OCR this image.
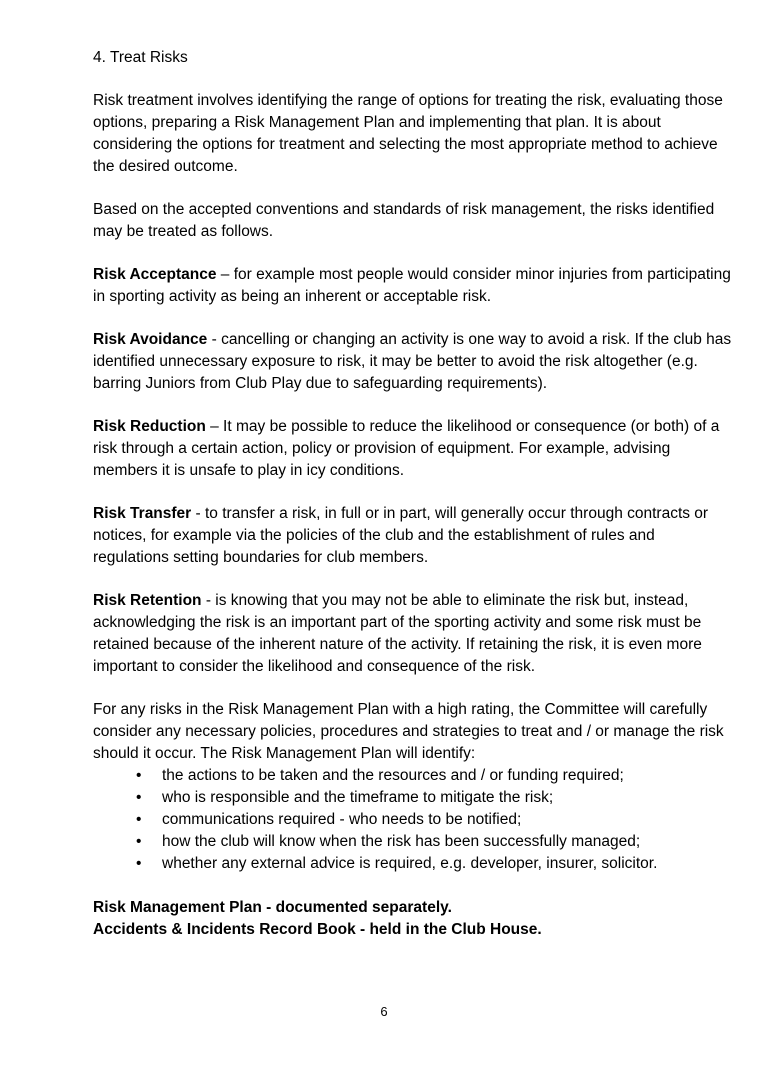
4. Treat Risks

Risk treatment involves identifying the range of options for treating the risk, evaluating those options, preparing a Risk Management Plan and implementing that plan. It is about considering the options for treatment and selecting the most appropriate method to achieve the desired outcome.

Based on the accepted conventions and standards of risk management, the risks identified may be treated as follows.

Risk Acceptance – for example most people would consider minor injuries from participating in sporting activity as being an inherent or acceptable risk.

Risk Avoidance - cancelling or changing an activity is one way to avoid a risk. If the club has identified unnecessary exposure to risk, it may be better to avoid the risk altogether (e.g. barring Juniors from Club Play due to safeguarding requirements).

Risk Reduction – It may be possible to reduce the likelihood or consequence (or both) of a risk through a certain action, policy or provision of equipment. For example, advising members it is unsafe to play in icy conditions.

Risk Transfer - to transfer a risk, in full or in part, will generally occur through contracts or notices, for example via the policies of the club and the establishment of rules and regulations setting boundaries for club members.

Risk Retention - is knowing that you may not be able to eliminate the risk but, instead, acknowledging the risk is an important part of the sporting activity and some risk must be retained because of the inherent nature of the activity. If retaining the risk, it is even more important to consider the likelihood and consequence of the risk.

For any risks in the Risk Management Plan with a high rating, the Committee will carefully consider any necessary policies, procedures and strategies to treat and / or manage the risk should it occur. The Risk Management Plan will identify:

• the actions to be taken and the resources and / or funding required;
• who is responsible and the timeframe to mitigate the risk;
• communications required - who needs to be notified;
• how the club will know when the risk has been successfully managed;
• whether any external advice is required, e.g. developer, insurer, solicitor.
Risk Management Plan - documented separately.
Accidents & Incidents Record Book - held in the Club House.
6
